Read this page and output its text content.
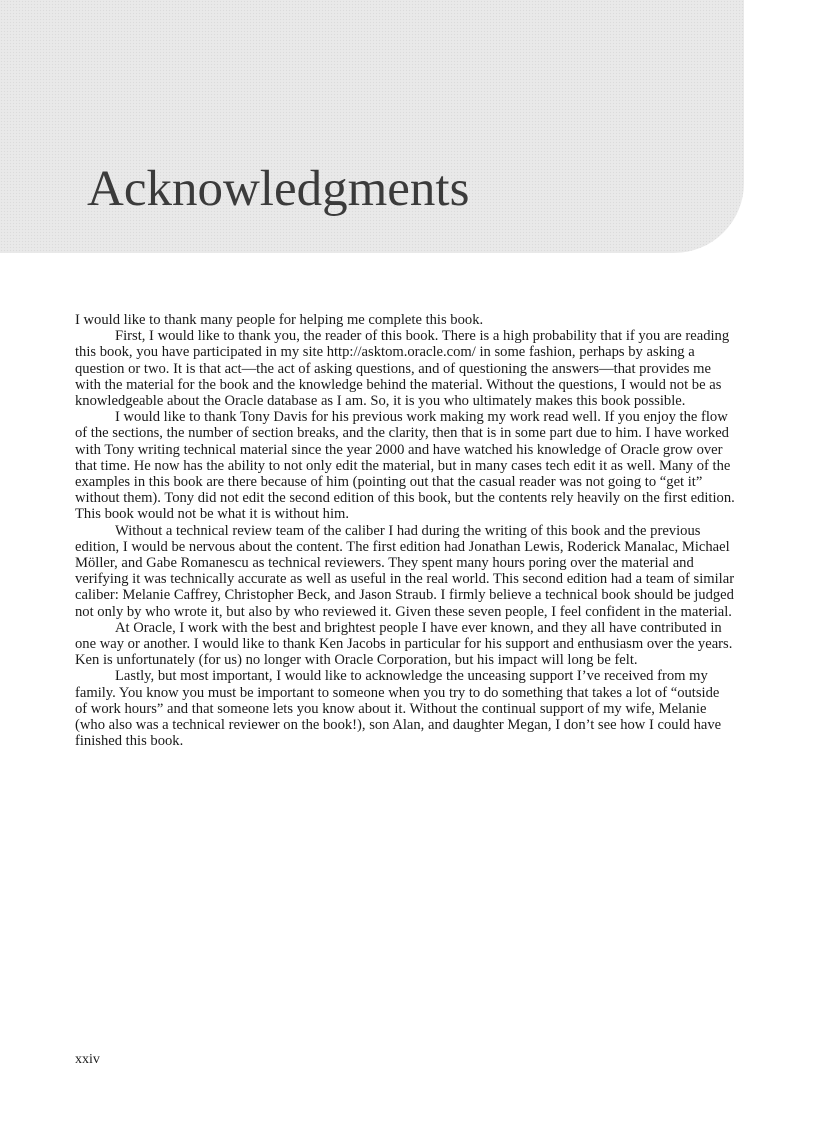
Acknowledgments

I would like to thank many people for helping me complete this book.

First, I would like to thank you, the reader of this book. There is a high probability that if you are reading this book, you have participated in my site http://asktom.oracle.com/ in some fashion, perhaps by asking a question or two. It is that act—the act of asking questions, and of questioning the answers—that provides me with the material for the book and the knowledge behind the material. Without the questions, I would not be as knowledgeable about the Oracle database as I am. So, it is you who ultimately makes this book possible.

I would like to thank Tony Davis for his previous work making my work read well. If you enjoy the flow of the sections, the number of section breaks, and the clarity, then that is in some part due to him. I have worked with Tony writing technical material since the year 2000 and have watched his knowledge of Oracle grow over that time. He now has the ability to not only edit the material, but in many cases tech edit it as well. Many of the examples in this book are there because of him (pointing out that the casual reader was not going to “get it” without them). Tony did not edit the second edition of this book, but the contents rely heavily on the first edition. This book would not be what it is without him.

Without a technical review team of the caliber I had during the writing of this book and the previous edition, I would be nervous about the content. The first edition had Jonathan Lewis, Roderick Manalac, Michael Möller, and Gabe Romanescu as technical reviewers. They spent many hours poring over the material and verifying it was technically accurate as well as useful in the real world. This second edition had a team of similar caliber: Melanie Caffrey, Christopher Beck, and Jason Straub. I firmly believe a technical book should be judged not only by who wrote it, but also by who reviewed it. Given these seven people, I feel confident in the material.

At Oracle, I work with the best and brightest people I have ever known, and they all have contributed in one way or another. I would like to thank Ken Jacobs in particular for his support and enthusiasm over the years. Ken is unfortunately (for us) no longer with Oracle Corporation, but his impact will long be felt.

Lastly, but most important, I would like to acknowledge the unceasing support I’ve received from my family. You know you must be important to someone when you try to do something that takes a lot of “outside of work hours” and that someone lets you know about it. Without the continual support of my wife, Melanie (who also was a technical reviewer on the book!), son Alan, and daughter Megan, I don’t see how I could have finished this book.

xxiv
